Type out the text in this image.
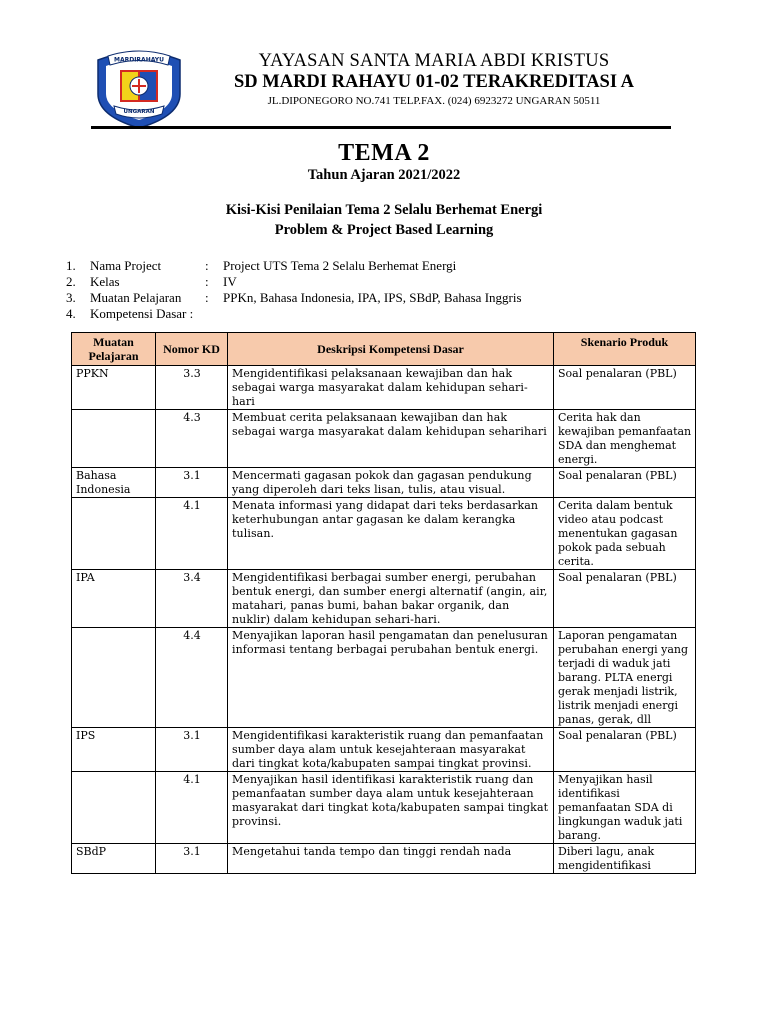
MARDIRAHAYU
UNGARAN
YAYASAN SANTA MARIA ABDI KRISTUS
SD MARDI RAHAYU 01-02 TERAKREDITASI A
JL.DIPONEGORO NO.741 TELP.FAX. (024) 6923272 UNGARAN 50511
TEMA 2
Tahun Ajaran 2021/2022
Kisi-Kisi Penilaian Tema 2 Selalu Berhemat Energi
Problem & Project Based Learning
1.	Nama Project	:	Project UTS Tema 2 Selalu Berhemat Energi
2.	Kelas	:	IV
3.	Muatan Pelajaran	:	PPKn, Bahasa Indonesia, IPA, IPS, SBdP, Bahasa Inggris
4.	Kompetensi Dasar :
Muatan Pelajaran	Nomor KD	Deskripsi Kompetensi Dasar	Skenario Produk
PPKN	3.3	Mengidentifikasi pelaksanaan kewajiban dan hak sebagai warga masyarakat dalam kehidupan sehari-hari	Soal penalaran (PBL)
	4.3	Membuat cerita pelaksanaan kewajiban dan hak sebagai warga masyarakat dalam kehidupan seharihari	Cerita hak dan kewajiban pemanfaatan SDA dan menghemat energi.
Bahasa Indonesia	3.1	Mencermati gagasan pokok dan gagasan pendukung yang diperoleh dari teks lisan, tulis, atau visual.	Soal penalaran (PBL)
	4.1	Menata informasi yang didapat dari teks berdasarkan keterhubungan antar gagasan ke dalam kerangka tulisan.	Cerita dalam bentuk video atau podcast menentukan gagasan pokok pada sebuah cerita.
IPA	3.4	Mengidentifikasi berbagai sumber energi, perubahan bentuk energi, dan sumber energi alternatif (angin, air, matahari, panas bumi, bahan bakar organik, dan nuklir) dalam kehidupan sehari-hari.	Soal penalaran (PBL)
	4.4	Menyajikan laporan hasil pengamatan dan penelusuran informasi tentang berbagai perubahan bentuk energi.	Laporan pengamatan perubahan energi yang terjadi di waduk jati barang. PLTA energi gerak menjadi listrik, listrik menjadi energi panas, gerak, dll
IPS	3.1	Mengidentifikasi karakteristik ruang dan pemanfaatan sumber daya alam untuk kesejahteraan masyarakat dari tingkat kota/kabupaten sampai tingkat provinsi.	Soal penalaran (PBL)
	4.1	Menyajikan hasil identifikasi karakteristik ruang dan pemanfaatan sumber daya alam untuk kesejahteraan masyarakat dari tingkat kota/kabupaten sampai tingkat provinsi.	Menyajikan hasil identifikasi pemanfaatan SDA di lingkungan waduk jati barang.
SBdP	3.1	Mengetahui tanda tempo dan tinggi rendah nada	Diberi lagu, anak mengidentifikasi
